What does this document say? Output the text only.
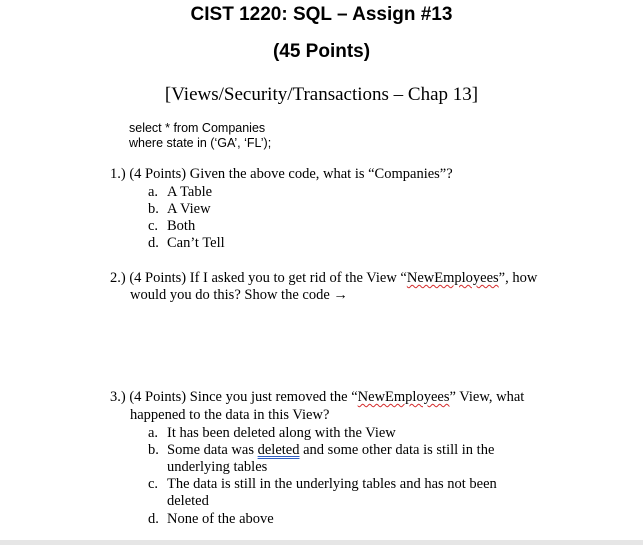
CIST 1220: SQL – Assign #13
(45 Points)
[Views/Security/Transactions – Chap 13]
select * from Companies
where state in (‘GA’, ‘FL’);
1.) (4 Points) Given the above code, what is “Companies”?
a. A Table
b. A View
c. Both
d. Can’t Tell
2.) (4 Points) If I asked you to get rid of the View “NewEmployees”, how
would you do this? Show the code →
3.) (4 Points) Since you just removed the “NewEmployees” View, what
happened to the data in this View?
a. It has been deleted along with the View
b. Some data was deleted and some other data is still in the
underlying tables
c. The data is still in the underlying tables and has not been
deleted
d. None of the above
